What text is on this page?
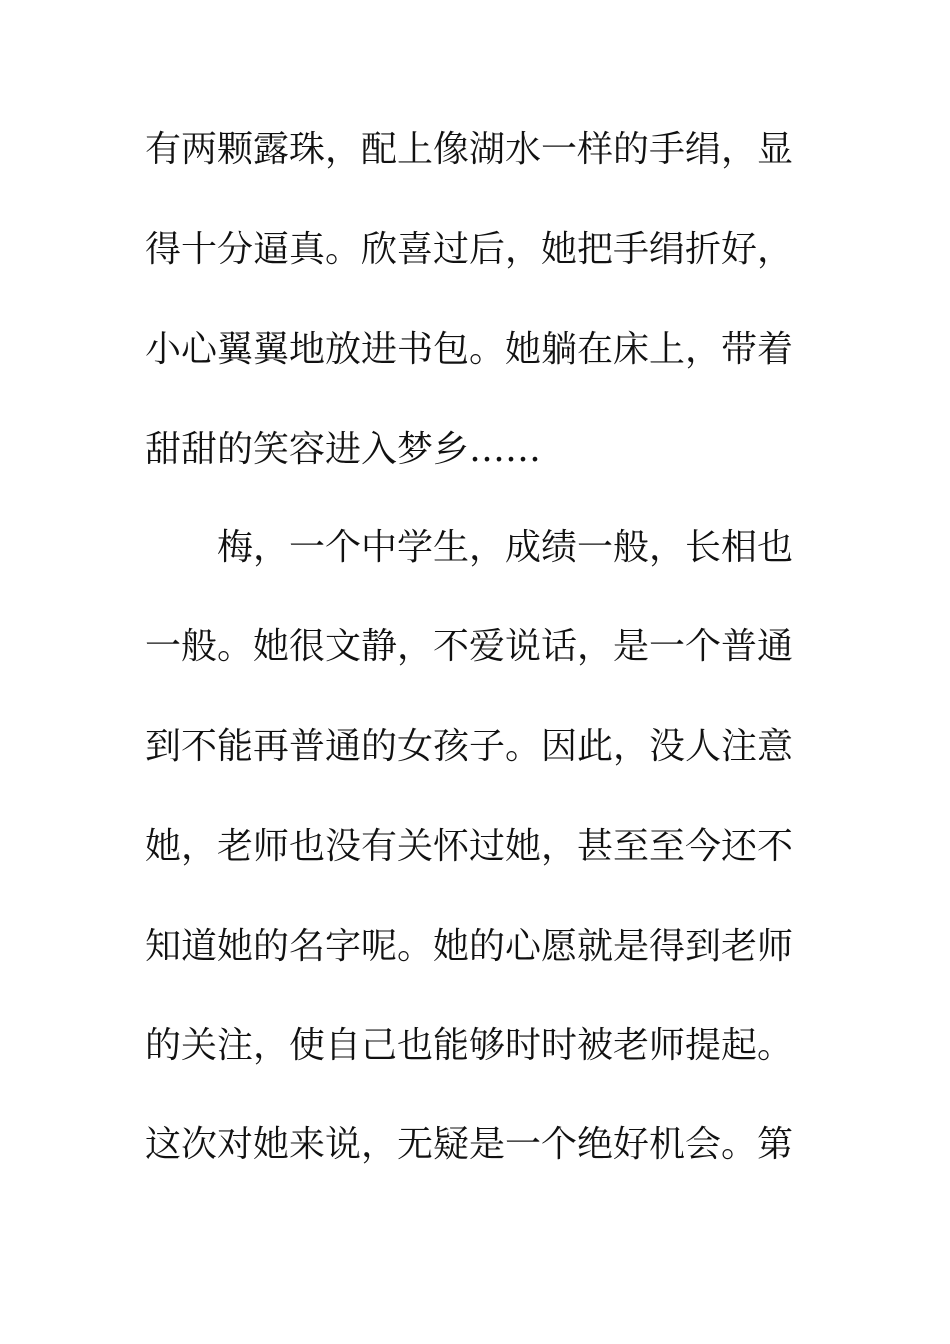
有两颗露珠，配上像湖水一样的手绢，显
得十分逼真。欣喜过后，她把手绢折好，
小心翼翼地放进书包。她躺在床上，带着
甜甜的笑容进入梦乡……
梅，一个中学生，成绩一般，长相也
一般。她很文静，不爱说话，是一个普通
到不能再普通的女孩子。因此，没人注意
她，老师也没有关怀过她，甚至至今还不
知道她的名字呢。她的心愿就是得到老师
的关注，使自己也能够时时被老师提起。
这次对她来说，无疑是一个绝好机会。第
